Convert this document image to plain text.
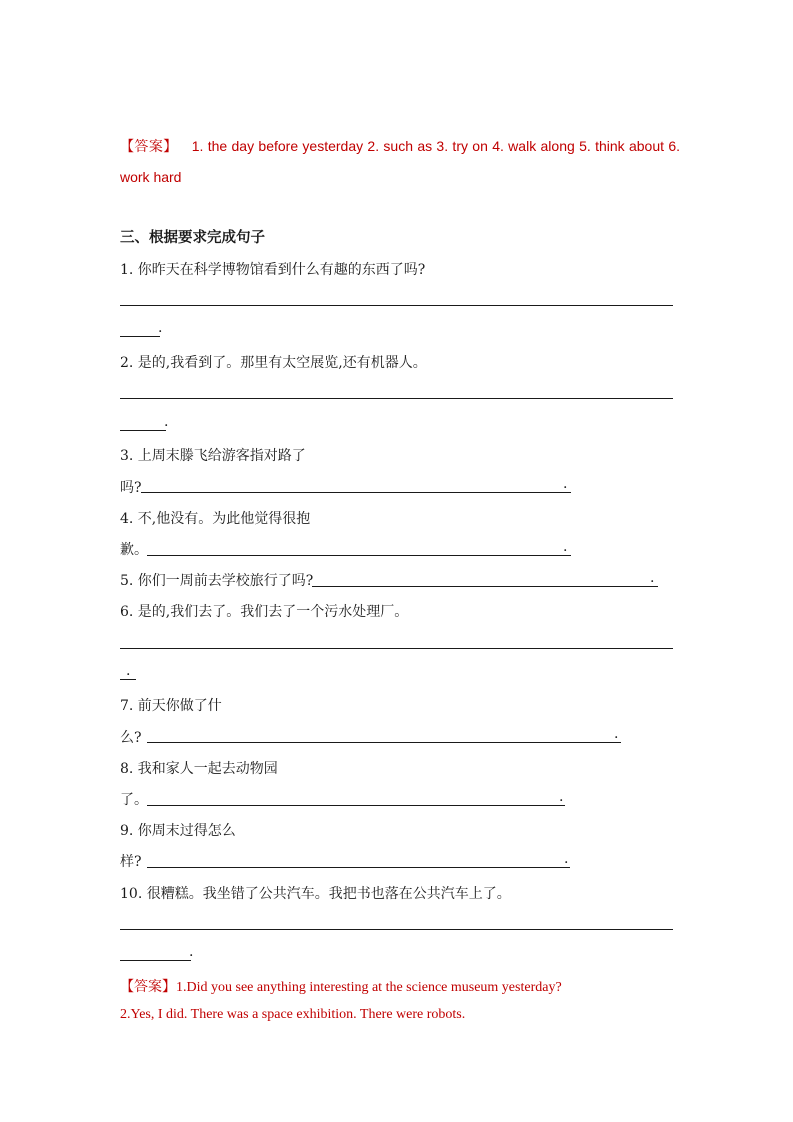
【答案】 1. the day before yesterday 2. such as 3. try on 4. walk along 5. think about 6. work hard
三、根据要求完成句子
1. 你昨天在科学博物馆看到什么有趣的东西了吗?
.
2. 是的,我看到了。那里有太空展览,还有机器人。
.
3. 上周末滕飞给游客指对路了
吗?	.
4. 不,他没有。为此他觉得很抱
歉。	.
5. 你们一周前去学校旅行了吗?	.
6. 是的,我们去了。我们去了一个污水处理厂。
.
7. 前天你做了什
么?	.
8. 我和家人一起去动物园
了。	.
9. 你周末过得怎么
样?	.
10. 很糟糕。我坐错了公共汽车。我把书也落在公共汽车上了。
.
【答案】1.Did you see anything interesting at the science museum yesterday?
2.Yes, I did. There was a space exhibition. There were robots.
